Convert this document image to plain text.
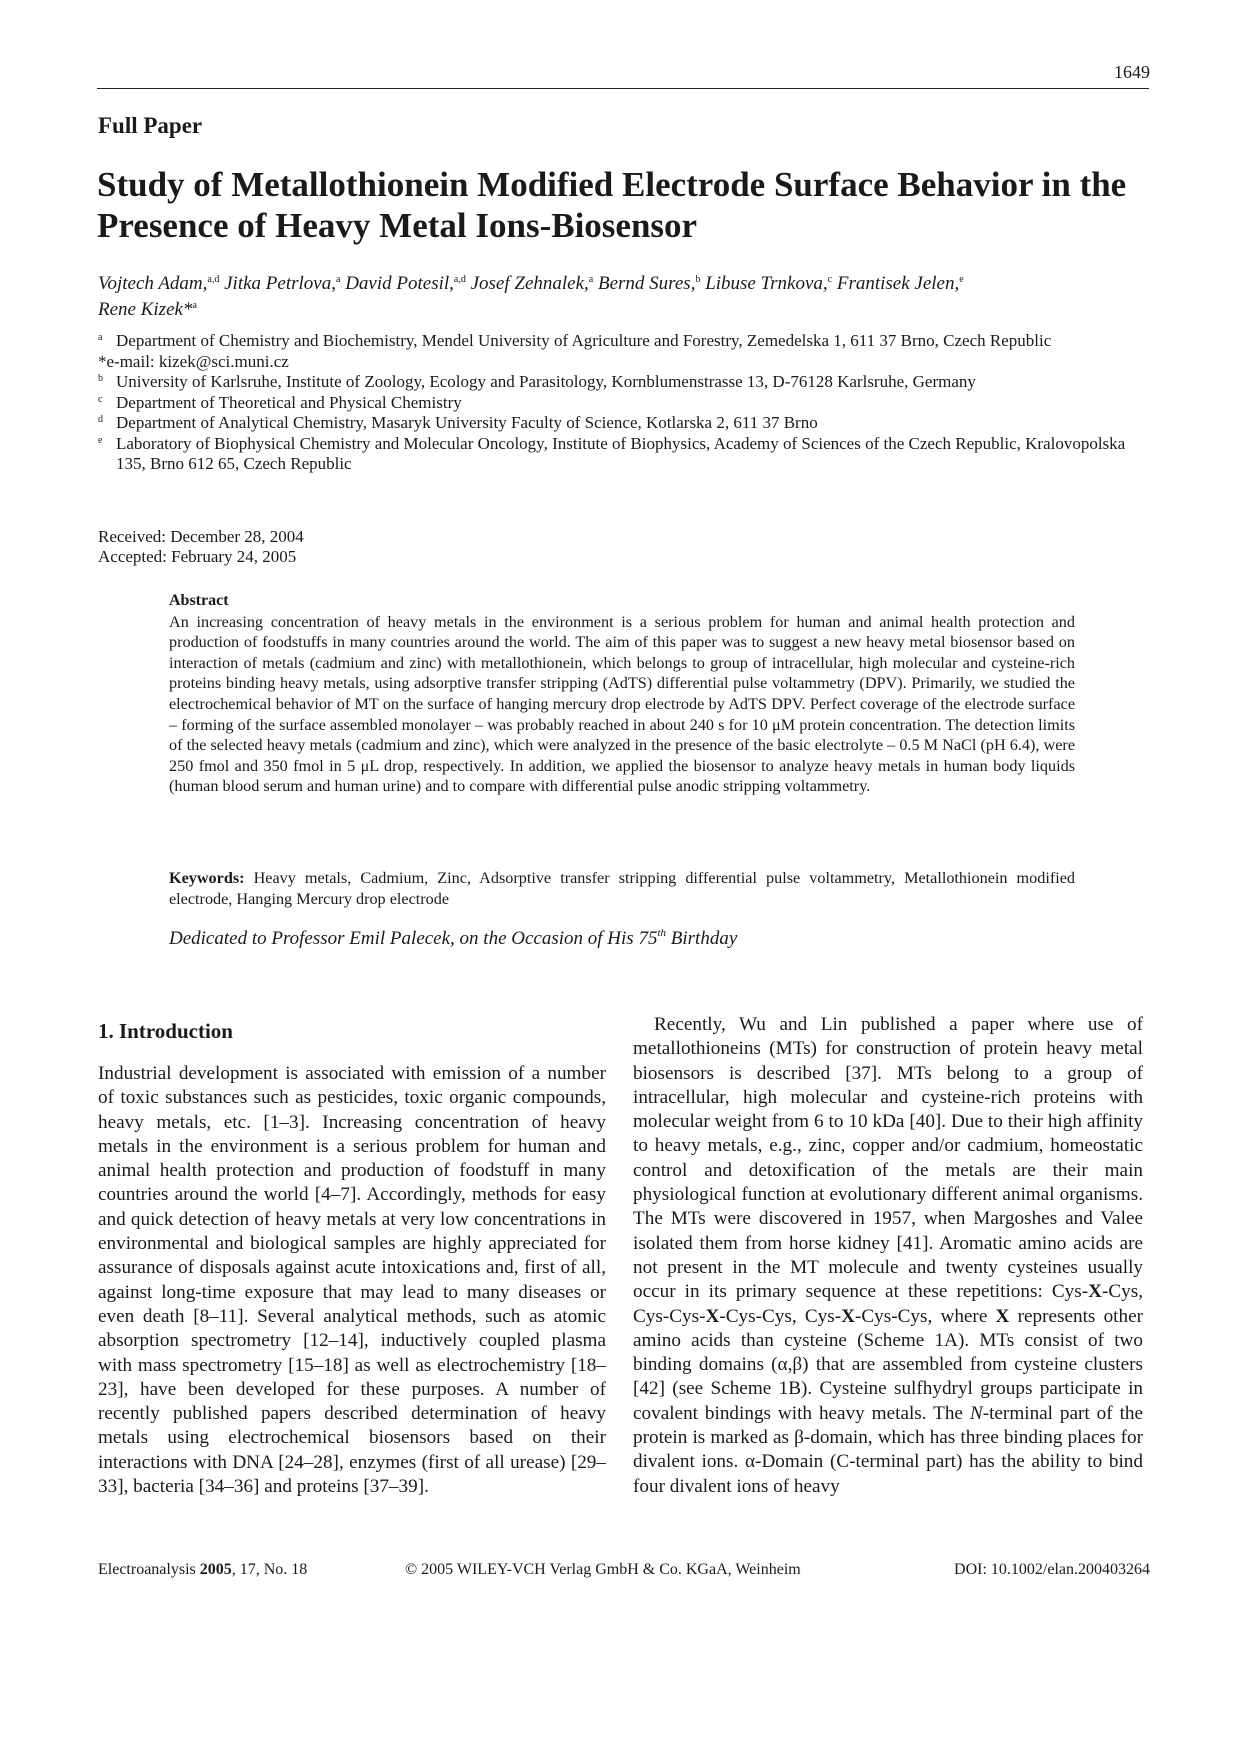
1649
Full Paper
Study of Metallothionein Modified Electrode Surface Behavior in the Presence of Heavy Metal Ions-Biosensor
Vojtech Adam,$^{a,d}$ Jitka Petrlova,$^a$ David Potesil,$^{a,d}$ Josef Zehnalek,$^a$ Bernd Sures,$^b$ Libuse Trnkova,$^c$ Frantisek Jelen,$^e$
Rene Kizek*$^a$
a Department of Chemistry and Biochemistry, Mendel University of Agriculture and Forestry, Zemedelska 1, 611 37 Brno, Czech Republic
*e-mail: kizek@sci.muni.cz
b University of Karlsruhe, Institute of Zoology, Ecology and Parasitology, Kornblumenstrasse 13, D-76128 Karlsruhe, Germany
c Department of Theoretical and Physical Chemistry
d Department of Analytical Chemistry, Masaryk University Faculty of Science, Kotlarska 2, 611 37 Brno
e Laboratory of Biophysical Chemistry and Molecular Oncology, Institute of Biophysics, Academy of Sciences of the Czech Republic, Kralovopolska 135, Brno 612 65, Czech Republic
Received: December 28, 2004
Accepted: February 24, 2005
Abstract
An increasing concentration of heavy metals in the environment is a serious problem for human and animal health protection and production of foodstuffs in many countries around the world. The aim of this paper was to suggest a new heavy metal biosensor based on interaction of metals (cadmium and zinc) with metallothionein, which belongs to group of intracellular, high molecular and cysteine-rich proteins binding heavy metals, using adsorptive transfer stripping (AdTS) differential pulse voltammetry (DPV). Primarily, we studied the electrochemical behavior of MT on the surface of hanging mercury drop electrode by AdTS DPV. Perfect coverage of the electrode surface – forming of the surface assembled monolayer – was probably reached in about 240 s for 10 μM protein concentration. The detection limits of the selected heavy metals (cadmium and zinc), which were analyzed in the presence of the basic electrolyte – 0.5 M NaCl (pH 6.4), were 250 fmol and 350 fmol in 5 μL drop, respectively. In addition, we applied the biosensor to analyze heavy metals in human body liquids (human blood serum and human urine) and to compare with differential pulse anodic stripping voltammetry.
Keywords: Heavy metals, Cadmium, Zinc, Adsorptive transfer stripping differential pulse voltammetry, Metallothionein modified electrode, Hanging Mercury drop electrode
Dedicated to Professor Emil Palecek, on the Occasion of His 75th Birthday
1. Introduction
Industrial development is associated with emission of a number of toxic substances such as pesticides, toxic organic compounds, heavy metals, etc. [1–3]. Increasing concentration of heavy metals in the environment is a serious problem for human and animal health protection and production of foodstuff in many countries around the world [4–7]. Accordingly, methods for easy and quick detection of heavy metals at very low concentrations in environmental and biological samples are highly appreciated for assurance of disposals against acute intoxications and, first of all, against long-time exposure that may lead to many diseases or even death [8–11]. Several analytical methods, such as atomic absorption spectrometry [12–14], inductively coupled plasma with mass spectrometry [15–18] as well as electrochemistry [18–23], have been developed for these purposes. A number of recently published papers described determination of heavy metals using electrochemical biosensors based on their interactions with DNA [24–28], enzymes (first of all urease) [29–33], bacteria [34–36] and proteins [37–39].
Recently, Wu and Lin published a paper where use of metallothioneins (MTs) for construction of protein heavy metal biosensors is described [37]. MTs belong to a group of intracellular, high molecular and cysteine-rich proteins with molecular weight from 6 to 10 kDa [40]. Due to their high affinity to heavy metals, e.g., zinc, copper and/or cadmium, homeostatic control and detoxification of the metals are their main physiological function at evolutionary different animal organisms. The MTs were discovered in 1957, when Margoshes and Valee isolated them from horse kidney [41]. Aromatic amino acids are not present in the MT molecule and twenty cysteines usually occur in its primary sequence at these repetitions: Cys-X-Cys, Cys-Cys-X-Cys-Cys, Cys-X-Cys-Cys, where X represents other amino acids than cysteine (Scheme 1A). MTs consist of two binding domains (α,β) that are assembled from cysteine clusters [42] (see Scheme 1B). Cysteine sulfhydryl groups participate in covalent bindings with heavy metals. The N-terminal part of the protein is marked as β-domain, which has three binding places for divalent ions. α-Domain (C-terminal part) has the ability to bind four divalent ions of heavy
Electroanalysis 2005, 17, No. 18	© 2005 WILEY-VCH Verlag GmbH & Co. KGaA, Weinheim	DOI: 10.1002/elan.200403264
